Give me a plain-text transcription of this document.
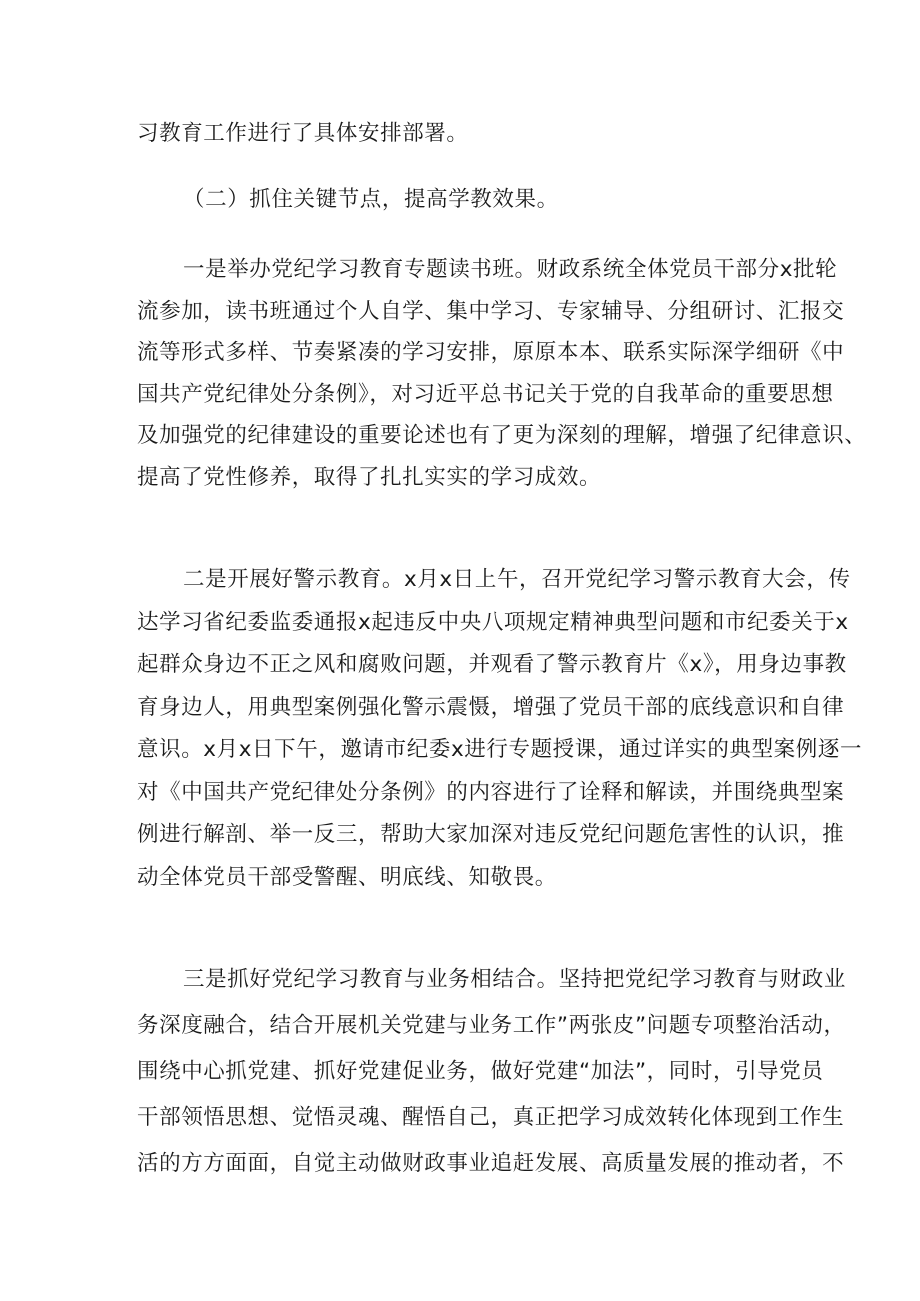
习教育工作进行了具体安排部署。

（二）抓住关键节点，提高学教效果。

一是举办党纪学习教育专题读书班。财政系统全体党员干部分x批轮

流参加，读书班通过个人自学、集中学习、专家辅导、分组研讨、汇报交

流等形式多样、节奏紧凑的学习安排，原原本本、联系实际深学细研《中

国共产党纪律处分条例》，对习近平总书记关于党的自我革命的重要思想

及加强党的纪律建设的重要论述也有了更为深刻的理解，增强了纪律意识、

提高了党性修养，取得了扎扎实实的学习成效。

二是开展好警示教育。x月x日上午，召开党纪学习警示教育大会，传

达学习省纪委监委通报x起违反中央八项规定精神典型问题和市纪委关于x

起群众身边不正之风和腐败问题，并观看了警示教育片《x》，用身边事教

育身边人，用典型案例强化警示震慑，增强了党员干部的底线意识和自律

意识。x月x日下午，邀请市纪委x进行专题授课，通过详实的典型案例逐一

对《中国共产党纪律处分条例》的内容进行了诠释和解读，并围绕典型案

例进行解剖、举一反三，帮助大家加深对违反党纪问题危害性的认识，推

动全体党员干部受警醒、明底线、知敬畏。

三是抓好党纪学习教育与业务相结合。坚持把党纪学习教育与财政业

务深度融合，结合开展机关党建与业务工作”两张皮”问题专项整治活动，

围绕中心抓党建、抓好党建促业务，做好党建“加法”，同时，引导党员

干部领悟思想、觉悟灵魂、醒悟自己，真正把学习成效转化体现到工作生

活的方方面面，自觉主动做财政事业追赶发展、高质量发展的推动者，不
